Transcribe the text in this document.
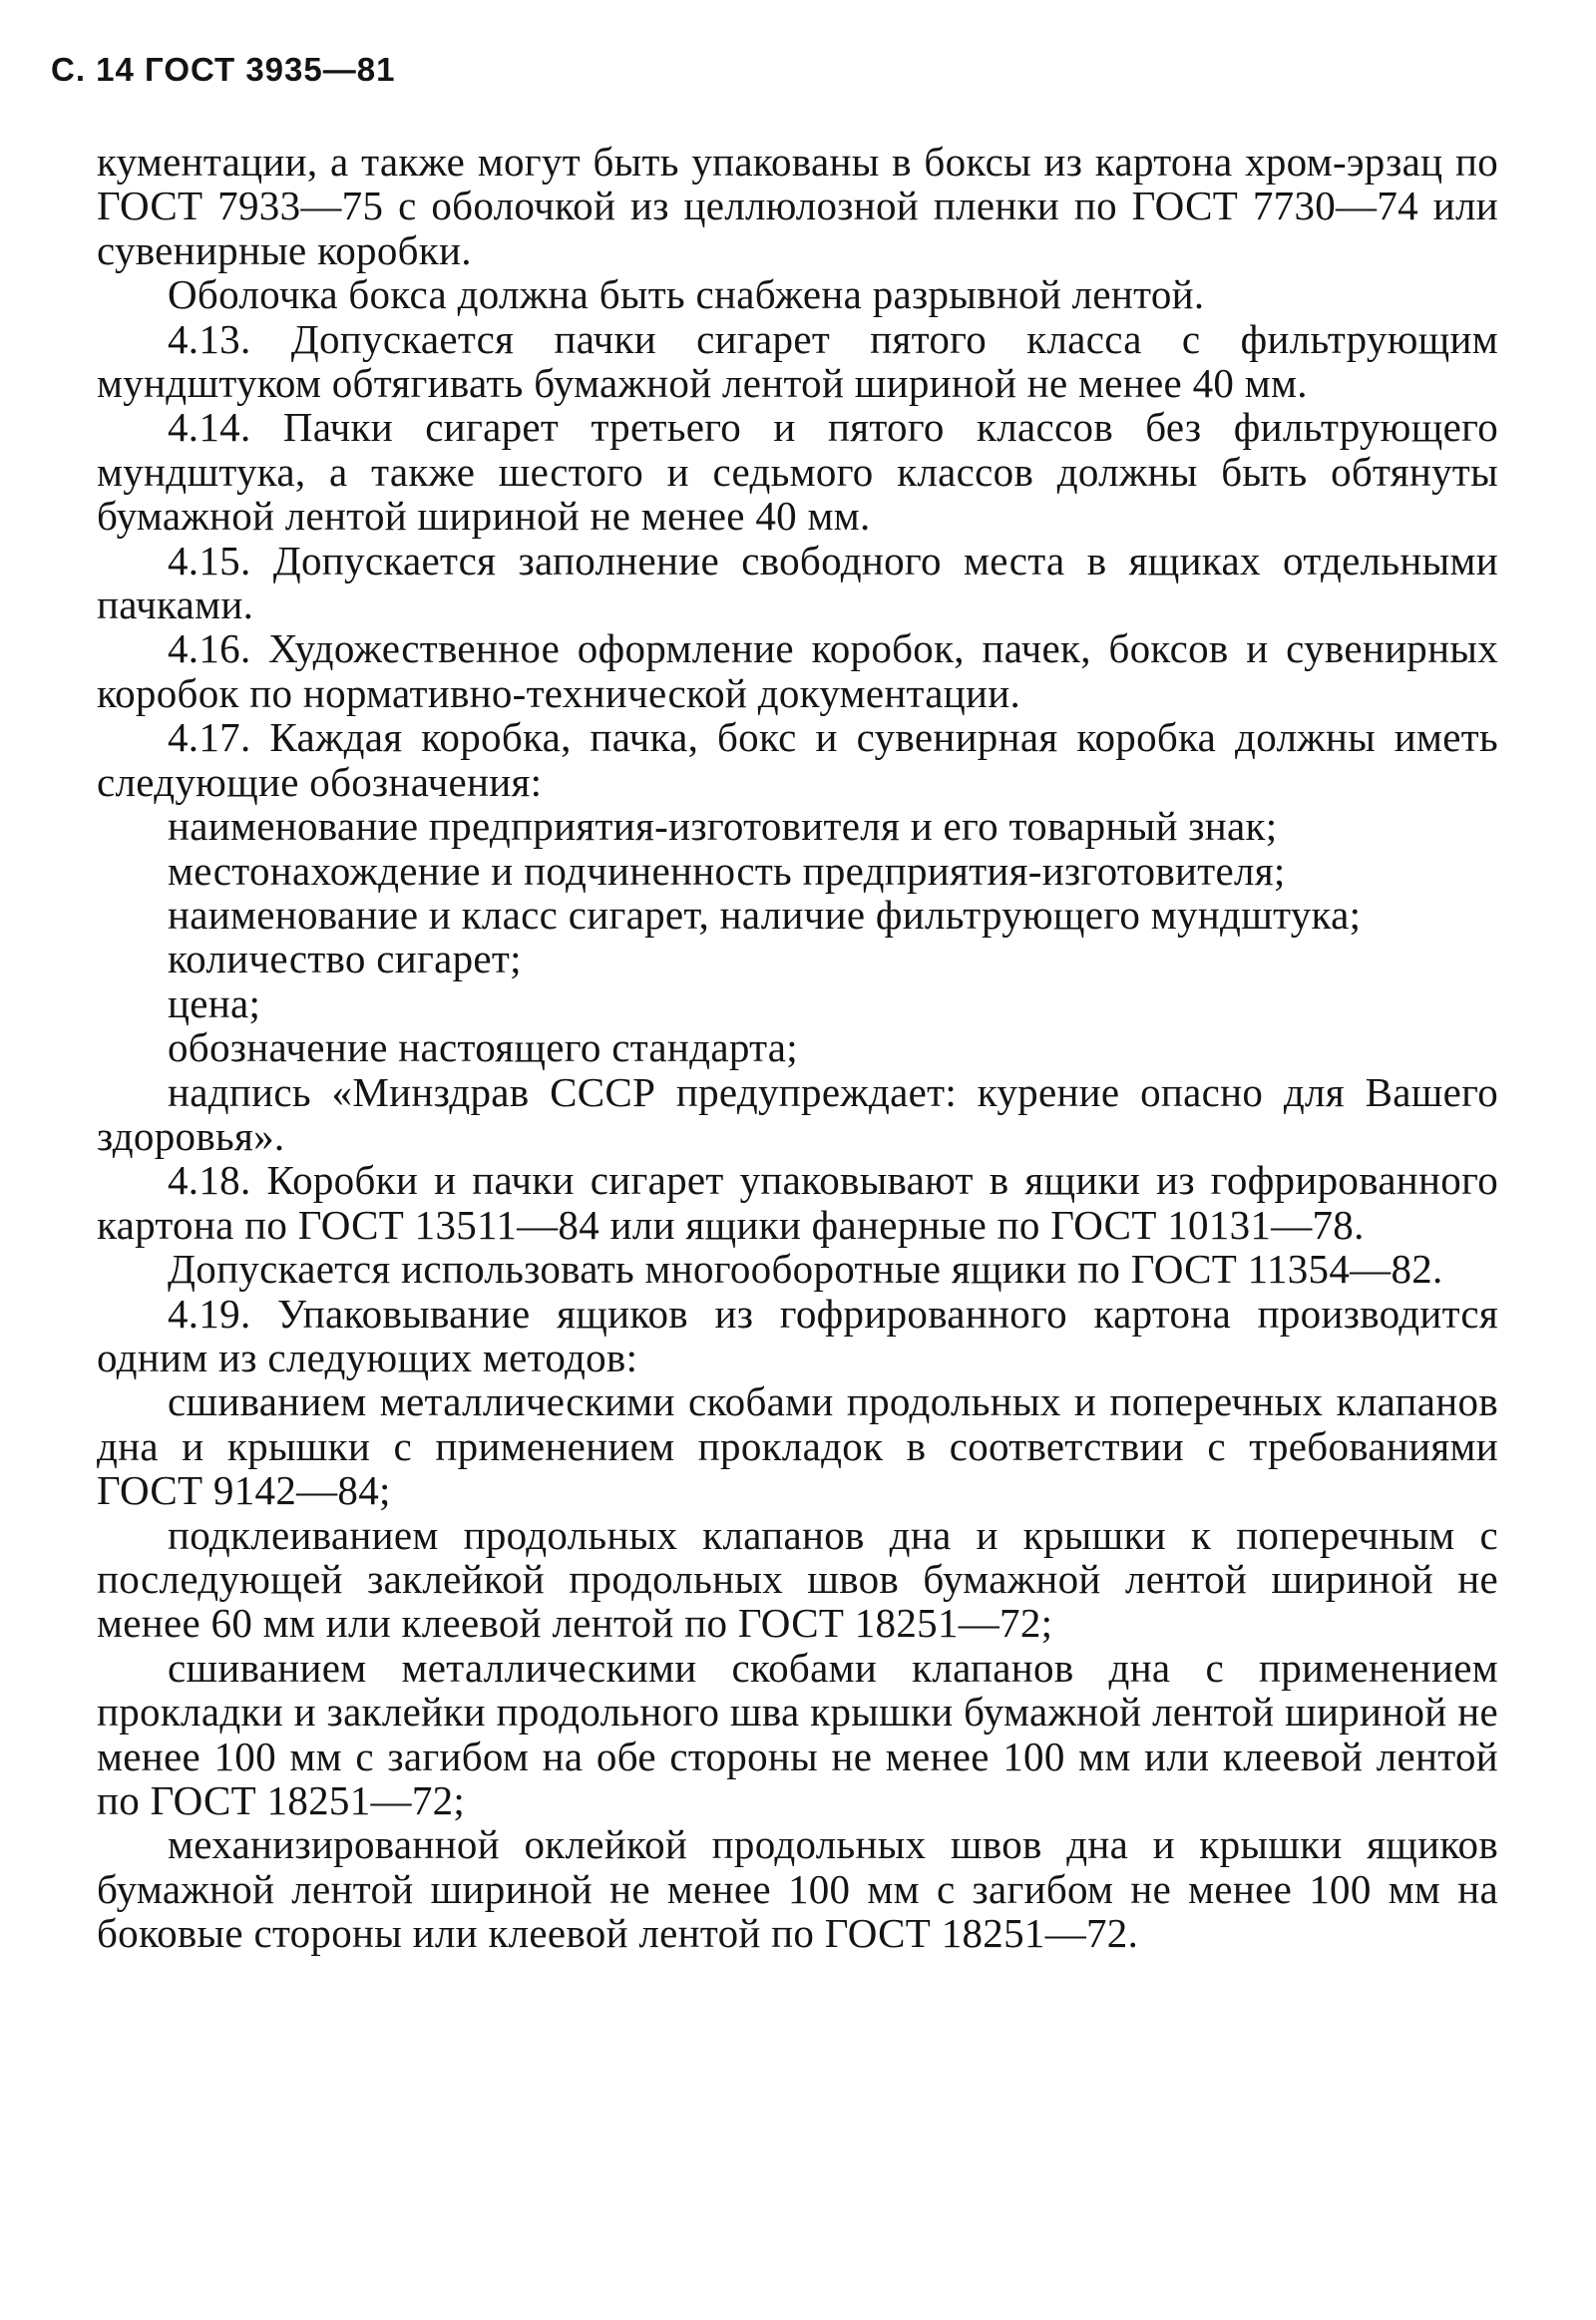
С. 14 ГОСТ 3935—81

кументации, а также могут быть упакованы в боксы из картона хром-эрзац по ГОСТ 7933—75 с оболочкой из целлюлозной пленки по ГОСТ 7730—74 или сувенирные коробки.

Оболочка бокса должна быть снабжена разрывной лентой.

4.13. Допускается пачки сигарет пятого класса с фильтрующим мундштуком обтягивать бумажной лентой шириной не менее 40 мм.

4.14. Пачки сигарет третьего и пятого классов без фильтрующего мундштука, а также шестого и седьмого классов должны быть обтянуты бумажной лентой шириной не менее 40 мм.

4.15. Допускается заполнение свободного места в ящиках отдельными пачками.

4.16. Художественное оформление коробок, пачек, боксов и сувенирных коробок по нормативно-технической документации.

4.17. Каждая коробка, пачка, бокс и сувенирная коробка должны иметь следующие обозначения:

наименование предприятия-изготовителя и его товарный знак;

местонахождение и подчиненность предприятия-изготовителя;

наименование и класс сигарет, наличие фильтрующего мундштука;

количество сигарет;

цена;

обозначение настоящего стандарта;

надпись «Минздрав СССР предупреждает: курение опасно для Вашего здоровья».

4.18. Коробки и пачки сигарет упаковывают в ящики из гофрированного картона по ГОСТ 13511—84 или ящики фанерные по ГОСТ 10131—78.

Допускается использовать многооборотные ящики по ГОСТ 11354—82.

4.19. Упаковывание ящиков из гофрированного картона производится одним из следующих методов:

сшиванием металлическими скобами продольных и поперечных клапанов дна и крышки с применением прокладок в соответствии с требованиями ГОСТ 9142—84;

подклеиванием продольных клапанов дна и крышки к поперечным с последующей заклейкой продольных швов бумажной лентой шириной не менее 60 мм или клеевой лентой по ГОСТ 18251—72;

сшиванием металлическими скобами клапанов дна с применением прокладки и заклейки продольного шва крышки бумажной лентой шириной не менее 100 мм с загибом на обе стороны не менее 100 мм или клеевой лентой по ГОСТ 18251—72;

механизированной оклейкой продольных швов дна и крышки ящиков бумажной лентой шириной не менее 100 мм с загибом не менее 100 мм на боковые стороны или клеевой лентой по ГОСТ 18251—72.
